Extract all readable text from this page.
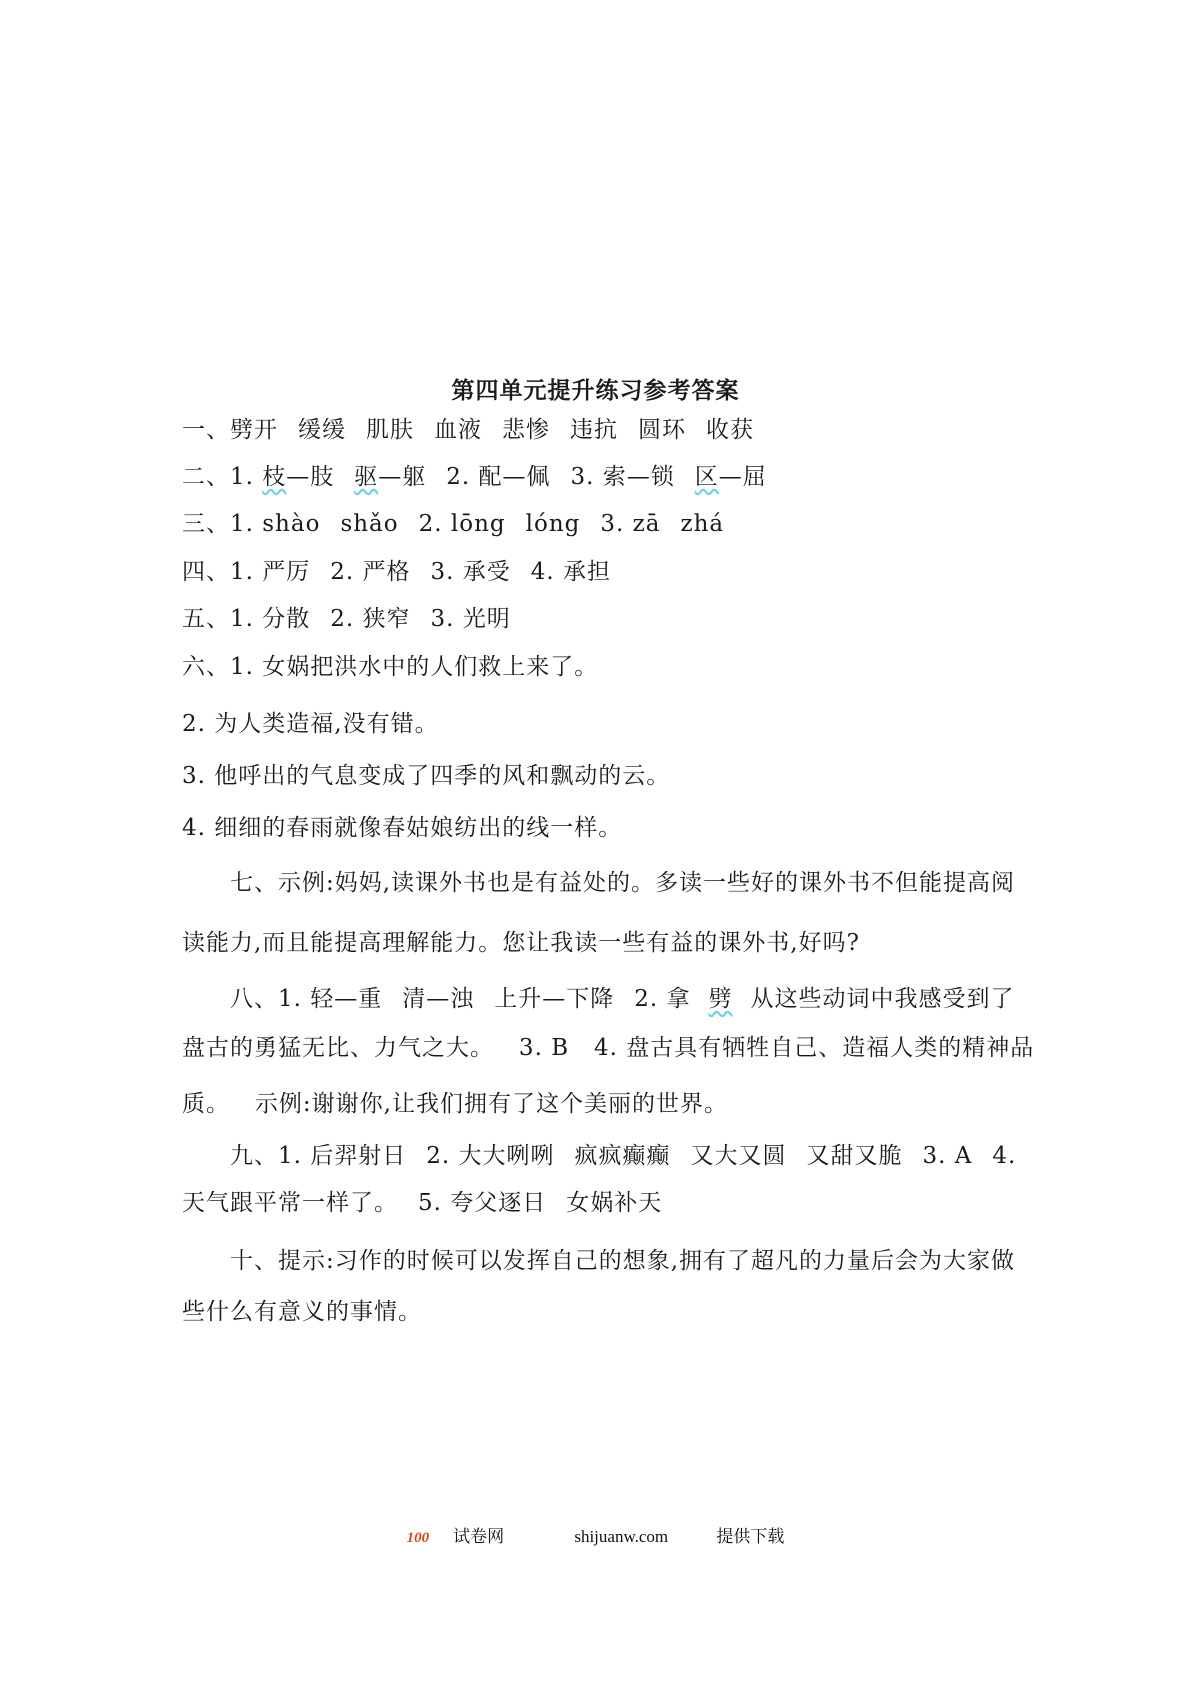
第四单元提升练习参考答案
一、劈开 缓缓 肌肤 血液 悲惨 违抗 圆环 收获
二、1. 枝—肢 驱—躯 2. 配—佩 3. 索—锁 区—屈
三、1. shào shǎo 2. lōng lóng 3. zā zhá
四、1. 严厉 2. 严格 3. 承受 4. 承担
五、1. 分散 2. 狭窄 3. 光明
六、1. 女娲把洪水中的人们救上来了。
2. 为人类造福,没有错。
3. 他呼出的气息变成了四季的风和飘动的云。
4. 细细的春雨就像春姑娘纺出的线一样。
七、示例:妈妈,读课外书也是有益处的。多读一些好的课外书不但能提高阅
读能力,而且能提高理解能力。您让我读一些有益的课外书,好吗?
八、1. 轻—重 清—浊 上升—下降 2. 拿 劈 从这些动词中我感受到了
盘古的勇猛无比、力气之大。   3. B   4. 盘古具有牺牲自己、造福人类的精神品
质。   示例:谢谢你,让我们拥有了这个美丽的世界。
九、1. 后羿射日 2. 大大咧咧 疯疯癫癫 又大又圆 又甜又脆 3. A 4.
天气跟平常一样了。 5. 夸父逐日 女娲补天
十、提示:习作的时候可以发挥自己的想象,拥有了超凡的力量后会为大家做
些什么有意义的事情。
100 试卷网	shijuanw.com	提供下载
